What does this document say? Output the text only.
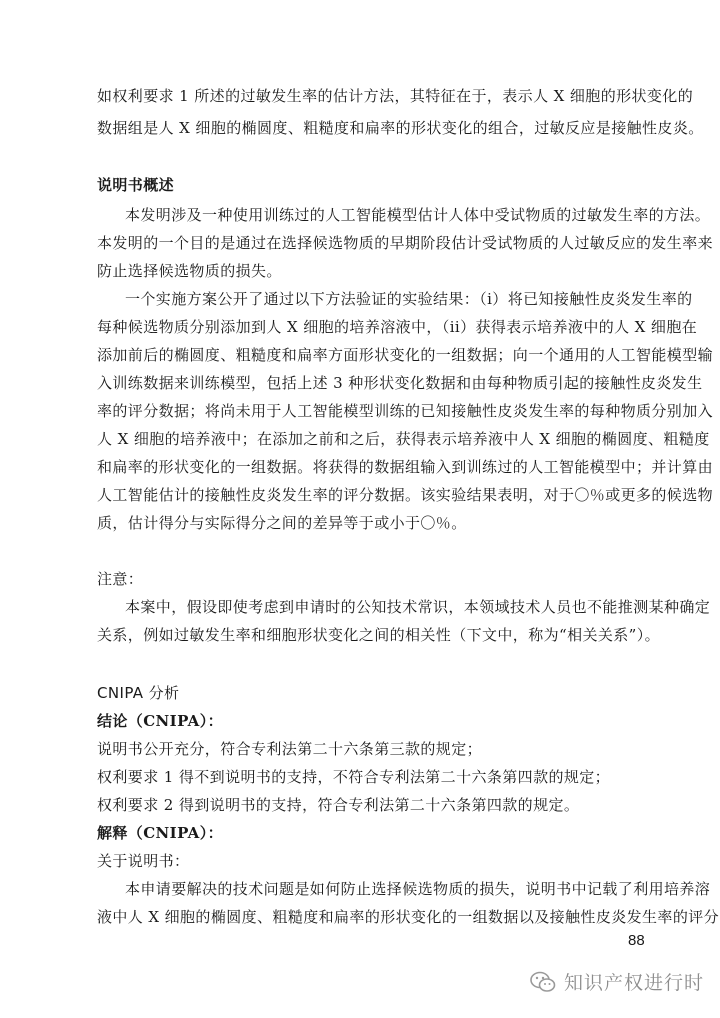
如权利要求 1 所述的过敏发生率的估计方法，其特征在于，表示人 X 细胞的形状变化的
数据组是人 X 细胞的椭圆度、粗糙度和扁率的形状变化的组合，过敏反应是接触性皮炎。
说明书概述
本发明涉及一种使用训练过的人工智能模型估计人体中受试物质的过敏发生率的方法。
本发明的一个目的是通过在选择候选物质的早期阶段估计受试物质的人过敏反应的发生率来
防止选择候选物质的损失。
一个实施方案公开了通过以下方法验证的实验结果：（i）将已知接触性皮炎发生率的
每种候选物质分别添加到人 X 细胞的培养溶液中，（ii）获得表示培养液中的人 X 细胞在
添加前后的椭圆度、粗糙度和扁率方面形状变化的一组数据；向一个通用的人工智能模型输
入训练数据来训练模型，包括上述 3 种形状变化数据和由每种物质引起的接触性皮炎发生
率的评分数据；将尚未用于人工智能模型训练的已知接触性皮炎发生率的每种物质分别加入
人 X 细胞的培养液中；在添加之前和之后，获得表示培养液中人 X 细胞的椭圆度、粗糙度
和扁率的形状变化的一组数据。将获得的数据组输入到训练过的人工智能模型中；并计算由
人工智能估计的接触性皮炎发生率的评分数据。该实验结果表明，对于〇％或更多的候选物
质，估计得分与实际得分之间的差异等于或小于〇％。
注意：
本案中，假设即使考虑到申请时的公知技术常识，本领域技术人员也不能推测某种确定
关系，例如过敏发生率和细胞形状变化之间的相关性（下文中，称为“相关关系”）。
CNIPA 分析
结论（CNIPA）：
说明书公开充分，符合专利法第二十六条第三款的规定；
权利要求 1 得不到说明书的支持，不符合专利法第二十六条第四款的规定；
权利要求 2 得到说明书的支持，符合专利法第二十六条第四款的规定。
解释（CNIPA）：
关于说明书：
本申请要解决的技术问题是如何防止选择候选物质的损失，说明书中记载了利用培养溶
液中人 X 细胞的椭圆度、粗糙度和扁率的形状变化的一组数据以及接触性皮炎发生率的评分
88
知识产权进行时
